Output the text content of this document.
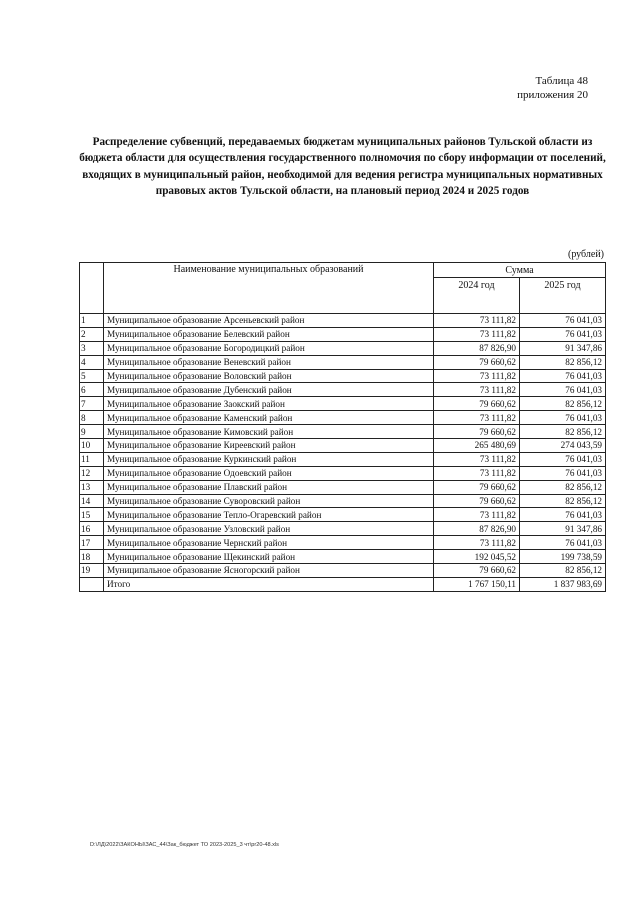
Таблица 48
приложения 20
Распределение субвенций, передаваемых бюджетам муниципальных районов Тульской области из бюджета области для осуществления государственного полномочия по сбору информации от поселений, входящих в муниципальный район, необходимой для ведения регистра муниципальных нормативных правовых актов Тульской области, на плановый период 2024 и 2025 годов
(рублей)
	Наименование муниципальных образований	Сумма	
		2024 год	2025 год
1	Муниципальное образование Арсеньевский район	73 111,82	76 041,03
2	Муниципальное образование Белевский район	73 111,82	76 041,03
3	Муниципальное образование Богородицкий район	87 826,90	91 347,86
4	Муниципальное образование Веневский район	79 660,62	82 856,12
5	Муниципальное образование Воловский район	73 111,82	76 041,03
6	Муниципальное образование Дубенский район	73 111,82	76 041,03
7	Муниципальное образование Заокский район	79 660,62	82 856,12
8	Муниципальное образование Каменский район	73 111,82	76 041,03
9	Муниципальное образование Кимовский район	79 660,62	82 856,12
10	Муниципальное образование Киреевский район	265 480,69	274 043,59
11	Муниципальное образование Куркинский район	73 111,82	76 041,03
12	Муниципальное образование Одоевский район	73 111,82	76 041,03
13	Муниципальное образование Плавский район	79 660,62	82 856,12
14	Муниципальное образование Суворовский район	79 660,62	82 856,12
15	Муниципальное образование Тепло-Огаревский район	73 111,82	76 041,03
16	Муниципальное образование Узловский район	87 826,90	91 347,86
17	Муниципальное образование Чернский район	73 111,82	76 041,03
18	Муниципальное образование Щекинский район	192 045,52	199 738,59
19	Муниципальное образование Ясногорский район	79 660,62	82 856,12
	Итого	1 767 150,11	1 837 983,69
D:\ЛД\2022\ЗАКОНЫ\ЗАС_44\Зак_бюджет ТО 2023-2025_3 чт\pr20-48.xls
